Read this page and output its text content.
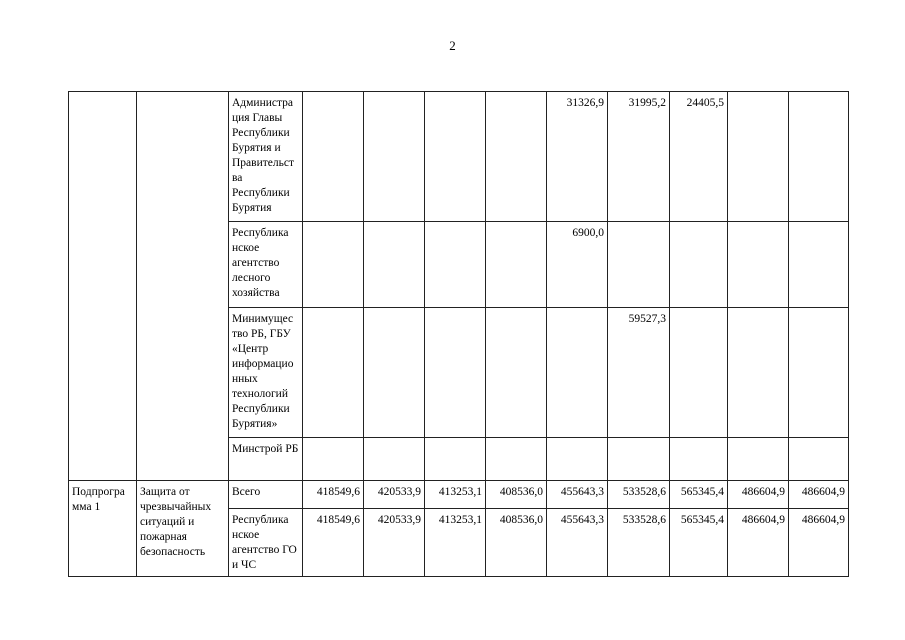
2
		Администра ция Главы Республики Бурятия и Правительст ва Республики Бурятия					31326,9	31995,2	24405,5		
		Республика нское агентство лесного хозяйства					6900,0				
		Минимущес тво РБ, ГБУ «Центр информацио нных технологий Республики Бурятия»						59527,3			
		Минстрой РБ									
Подпрогра мма 1	Защита от чрезвычайных ситуаций и пожарная безопасность	Всего	418549,6	420533,9	413253,1	408536,0	455643,3	533528,6	565345,4	486604,9	486604,9
		Республика нское агентство ГО и ЧС	418549,6	420533,9	413253,1	408536,0	455643,3	533528,6	565345,4	486604,9	486604,9
